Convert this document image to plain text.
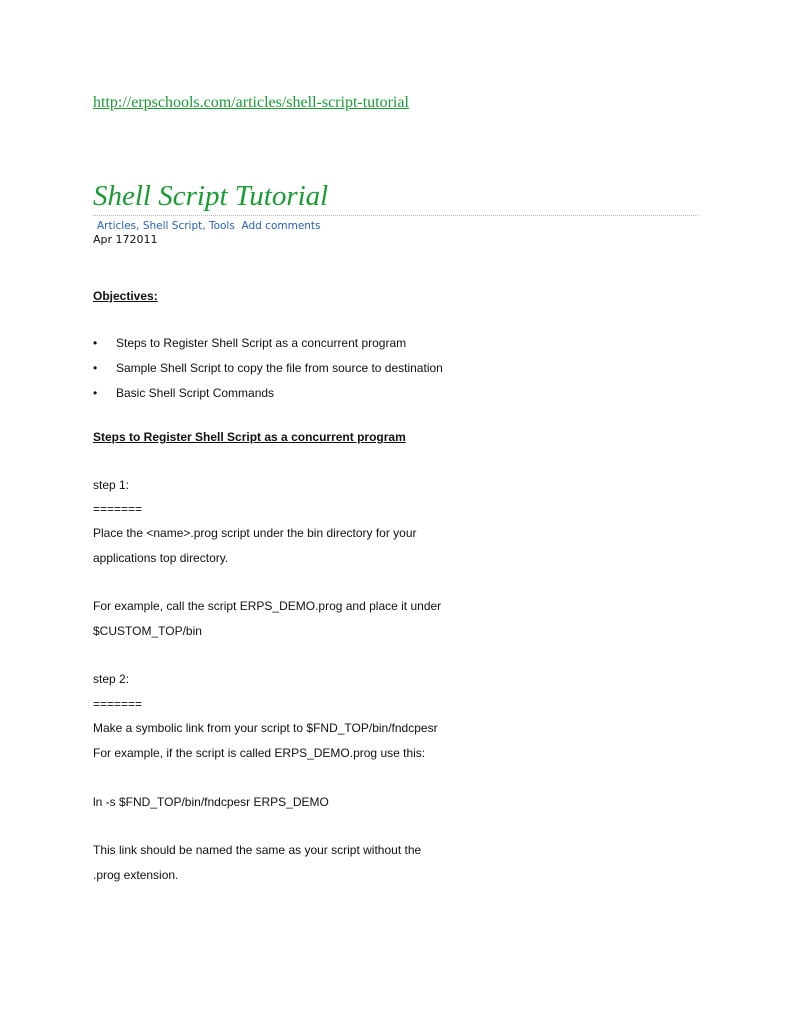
http://erpschools.com/articles/shell-script-tutorial
Shell Script Tutorial
Articles, Shell Script, Tools Add comments
Apr 172011
Objectives:
• Steps to Register Shell Script as a concurrent program
• Sample Shell Script to copy the file from source to destination
• Basic Shell Script Commands
Steps to Register Shell Script as a concurrent program
step 1:
=======
Place the <name>.prog script under the bin directory for your
applications top directory.
For example, call the script ERPS_DEMO.prog and place it under
$CUSTOM_TOP/bin
step 2:
=======
Make a symbolic link from your script to $FND_TOP/bin/fndcpesr
For example, if the script is called ERPS_DEMO.prog use this:
ln -s $FND_TOP/bin/fndcpesr ERPS_DEMO
This link should be named the same as your script without the
.prog extension.
